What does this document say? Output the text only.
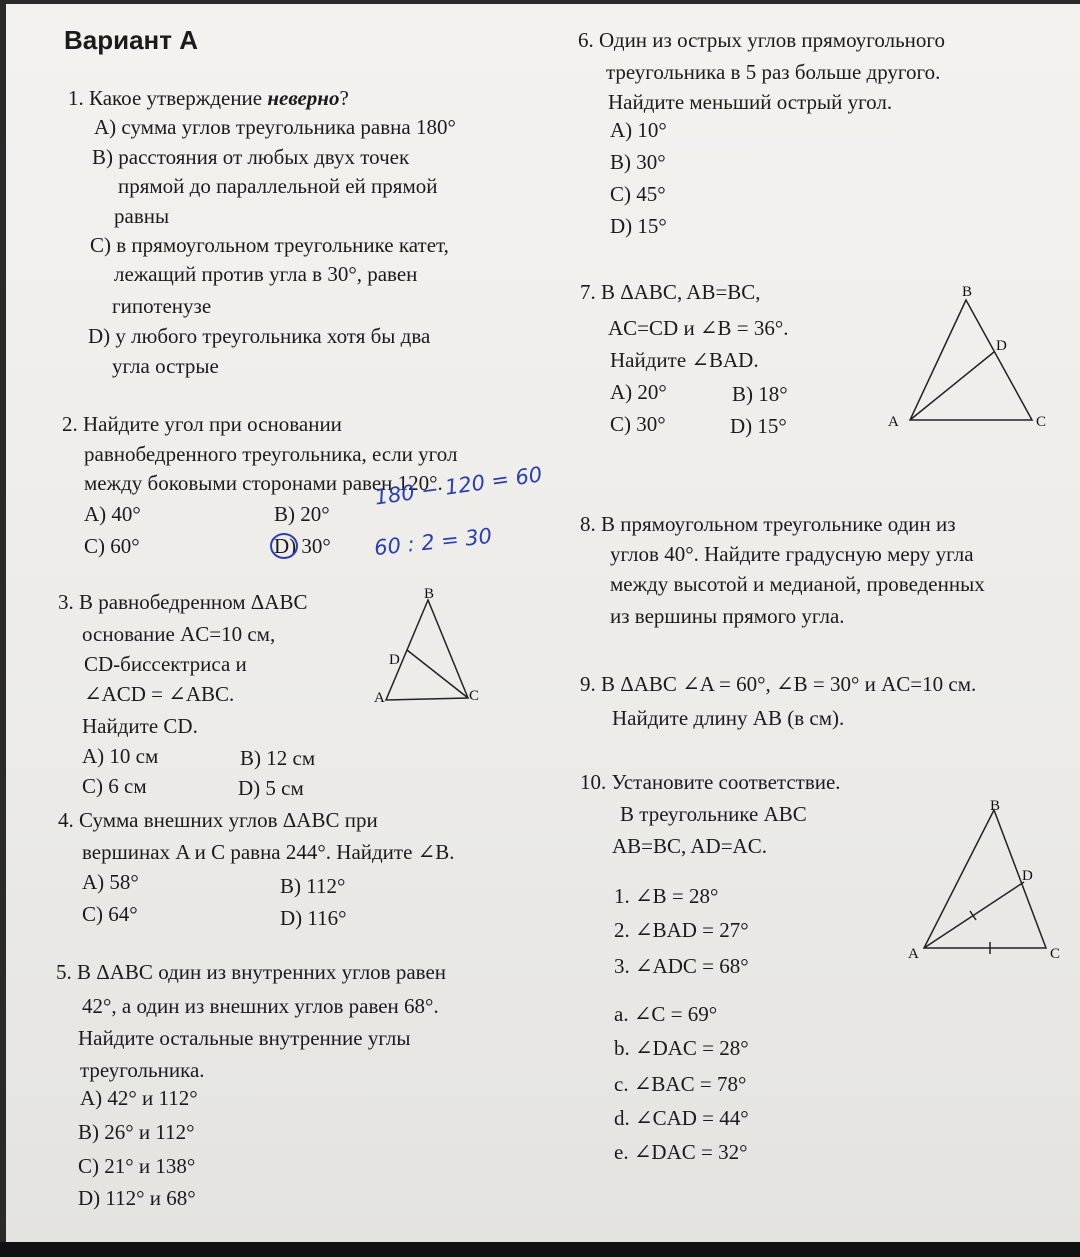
Вариант А
1. Какое утверждение неверно?
A) сумма углов треугольника равна 180°
B) расстояния от любых двух точек
прямой до параллельной ей прямой
равны
C) в прямоугольном треугольнике катет,
лежащий против угла в 30°, равен
гипотенузе
D) у любого треугольника хотя бы два
угла острые
2. Найдите угол при основании
равнобедренного треугольника, если угол
между боковыми сторонами равен 120°.
A) 40°	B) 20°
C) 60°	D) 30°
180 − 120 = 60
60 : 2 = 30
3. В равнобедренном ΔABC
основание AC=10 см,
CD-биссектриса и
∠ACD = ∠ABC.
Найдите CD.
A) 10 см	B) 12 см
C) 6 см	D) 5 см
B
D
A	C
4. Сумма внешних углов ΔABC при
вершинах A и C равна 244°. Найдите ∠B.
A) 58°	B) 112°
C) 64°	D) 116°
5. В ΔABC один из внутренних углов равен
42°, а один из внешних углов равен 68°.
Найдите остальные внутренние углы
треугольника.
A) 42° и 112°
B) 26° и 112°
C) 21° и 138°
D) 112° и 68°
6. Один из острых углов прямоугольного
треугольника в 5 раз больше другого.
Найдите меньший острый угол.
A) 10°
B) 30°
C) 45°
D) 15°
7. В ΔABC, AB=BC,
AC=CD и ∠B = 36°.
Найдите ∠BAD.
A) 20°	B) 18°
C) 30°	D) 15°
B
D
A	C
8. В прямоугольном треугольнике один из
углов 40°. Найдите градусную меру угла
между высотой и медианой, проведенных
из вершины прямого угла.
9. В ΔABC ∠A = 60°, ∠B = 30° и AC=10 см.
Найдите длину AB (в см).
10. Установите соответствие.
В треугольнике ABC
AB=BC, AD=AC.
1. ∠B = 28°
2. ∠BAD = 27°
3. ∠ADC = 68°
a. ∠C = 69°
b. ∠DAC = 28°
c. ∠BAC = 78°
d. ∠CAD = 44°
e. ∠DAC = 32°
B
D
A	C
